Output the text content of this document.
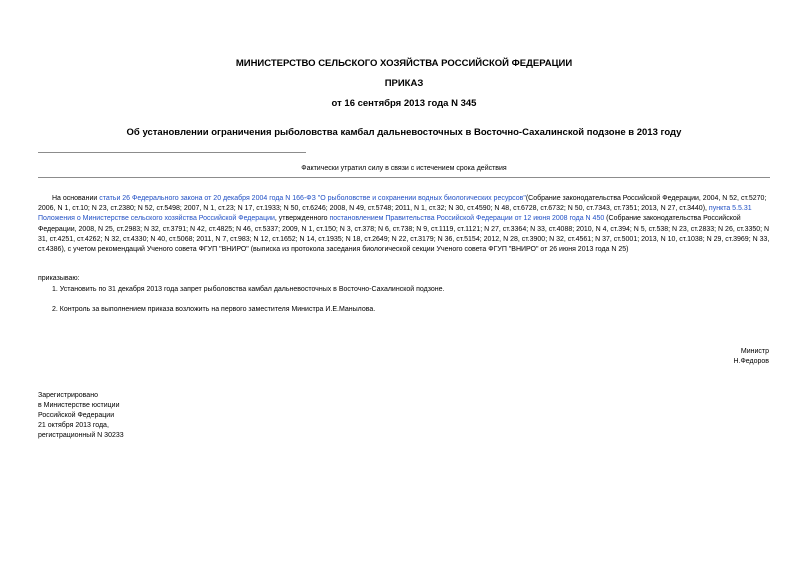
МИНИСТЕРСТВО СЕЛЬСКОГО ХОЗЯЙСТВА РОССИЙСКОЙ ФЕДЕРАЦИИ
ПРИКАЗ
от 16 сентября 2013 года N 345
Об установлении ограничения рыболовства камбал дальневосточных в Восточно-Сахалинской подзоне в 2013 году
Фактически утратил силу в связи с истечением срока действия
На основании статьи 26 Федерального закона от 20 декабря 2004 года N 166-ФЗ "О рыболовстве и сохранении водных биологических ресурсов"(Собрание законодательства Российской Федерации, 2004, N 52, ст.5270; 2006, N 1, ст.10; N 23, ст.2380; N 52, ст.5498; 2007, N 1, ст.23; N 17, ст.1933; N 50, ст.6246; 2008, N 49, ст.5748; 2011, N 1, ст.32; N 30, ст.4590; N 48, ст.6728, ст.6732; N 50, ст.7343, ст.7351; 2013, N 27, ст.3440), пункта 5.5.31 Положения о Министерстве сельского хозяйства Российской Федерации, утвержденного постановлением Правительства Российской Федерации от 12 июня 2008 года N 450 (Собрание законодательства Российской Федерации, 2008, N 25, ст.2983; N 32, ст.3791; N 42, ст.4825; N 46, ст.5337; 2009, N 1, ст.150; N 3, ст.378; N 6, ст.738; N 9, ст.1119, ст.1121; N 27, ст.3364; N 33, ст.4088; 2010, N 4, ст.394; N 5, ст.538; N 23, ст.2833; N 26, ст.3350; N 31, ст.4251, ст.4262; N 32, ст.4330; N 40, ст.5068; 2011, N 7, ст.983; N 12, ст.1652; N 14, ст.1935; N 18, ст.2649; N 22, ст.3179; N 36, ст.5154; 2012, N 28, ст.3900; N 32, ст.4561; N 37, ст.5001; 2013, N 10, ст.1038; N 29, ст.3969; N 33, ст.4386), с учетом рекомендаций Ученого совета ФГУП "ВНИРО" (выписка из протокола заседания биологической секции Ученого совета ФГУП "ВНИРО" от 26 июня 2013 года N 25)
приказываю:
1. Установить по 31 декабря 2013 года запрет рыболовства камбал дальневосточных в Восточно-Сахалинской подзоне.
2. Контроль за выполнением приказа возложить на первого заместителя Министра И.Е.Манылова.
Министр
Н.Федоров
Зарегистрировано
в Министерстве юстиции
Российской Федерации
21 октября 2013 года,
регистрационный N 30233
